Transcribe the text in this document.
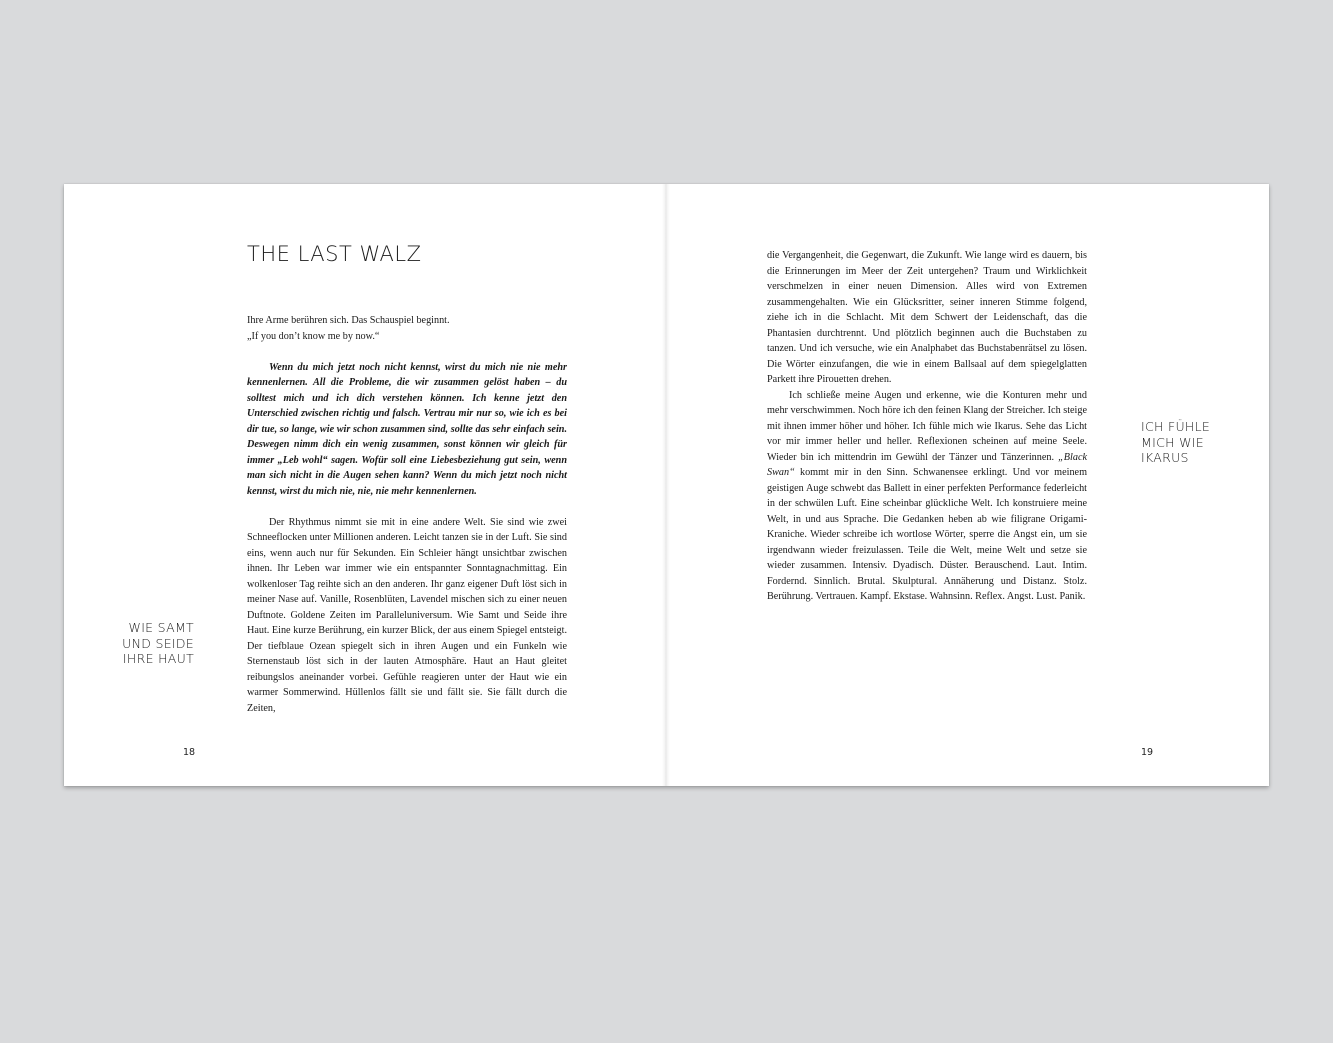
THE LAST WALZ

Ihre Arme berühren sich. Das Schauspiel beginnt.
„If you don’t know me by now.“

Wenn du mich jetzt noch nicht kennst, wirst du mich nie nie mehr kennenlernen. All die Probleme, die wir zusammen gelöst haben – du solltest mich und ich dich verstehen können. Ich kenne jetzt den Unterschied zwischen richtig und falsch. Vertrau mir nur so, wie ich es bei dir tue, so lange, wie wir schon zusammen sind, sollte das sehr einfach sein. Deswegen nimm dich ein wenig zusammen, sonst können wir gleich für immer „Leb wohl“ sagen. Wofür soll eine Liebesbeziehung gut sein, wenn man sich nicht in die Augen sehen kann? Wenn du mich jetzt noch nicht kennst, wirst du mich nie, nie, nie mehr kennenlernen.

Der Rhythmus nimmt sie mit in eine andere Welt. Sie sind wie zwei Schneeflocken unter Millionen anderen. Leicht tanzen sie in der Luft. Sie sind eins, wenn auch nur für Sekunden. Ein Schleier hängt unsichtbar zwischen ihnen. Ihr Leben war immer wie ein entspannter Sonntagnachmittag. Ein wolkenloser Tag reihte sich an den anderen. Ihr ganz eigener Duft löst sich in meiner Nase auf. Vanille, Rosenblüten, Lavendel mischen sich zu einer neuen Duftnote. Goldene Zeiten im Paralleluniversum. Wie Samt und Seide ihre Haut. Eine kurze Berührung, ein kurzer Blick, der aus einem Spiegel entsteigt. Der tiefblaue Ozean spiegelt sich in ihren Augen und ein Funkeln wie Sternenstaub löst sich in der lauten Atmosphäre. Haut an Haut gleitet reibungslos aneinander vorbei. Gefühle reagieren unter der Haut wie ein warmer Sommerwind. Hüllenlos fällt sie und fällt sie. Sie fällt durch die Zeiten,

WIE SAMT
UND SEIDE
IHRE HAUT
18

die Vergangenheit, die Gegenwart, die Zukunft. Wie lange wird es dauern, bis die Erinnerungen im Meer der Zeit untergehen? Traum und Wirklichkeit verschmelzen in einer neuen Dimension. Alles wird von Extremen zusammengehalten. Wie ein Glücksritter, seiner inneren Stimme folgend, ziehe ich in die Schlacht. Mit dem Schwert der Leidenschaft, das die Phantasien durchtrennt. Und plötzlich beginnen auch die Buchstaben zu tanzen. Und ich versuche, wie ein Analphabet das Buchstabenrätsel zu lösen. Die Wörter einzufangen, die wie in einem Ballsaal auf dem spiegelglatten Parkett ihre Pirouetten drehen.

Ich schließe meine Augen und erkenne, wie die Konturen mehr und mehr verschwimmen. Noch höre ich den feinen Klang der Streicher. Ich steige mit ihnen immer höher und höher. Ich fühle mich wie Ikarus. Sehe das Licht vor mir immer heller und heller. Reflexionen scheinen auf meine Seele. Wieder bin ich mittendrin im Gewühl der Tänzer und Tänzerinnen. „Black Swan“ kommt mir in den Sinn. Schwanensee erklingt. Und vor meinem geistigen Auge schwebt das Ballett in einer perfekten Performance federleicht in der schwülen Luft. Eine scheinbar glückliche Welt. Ich konstruiere meine Welt, in und aus Sprache. Die Gedanken heben ab wie filigrane Origami-Kraniche. Wieder schreibe ich wortlose Wörter, sperre die Angst ein, um sie irgendwann wieder freizulassen. Teile die Welt, meine Welt und setze sie wieder zusammen. Intensiv. Dyadisch. Düster. Berauschend. Laut. Intim. Fordernd. Sinnlich. Brutal. Skulptural. Annäherung und Distanz. Stolz. Berührung. Vertrauen. Kampf. Ekstase. Wahnsinn. Reflex. Angst. Lust. Panik.

ICH FÜHLE
MICH WIE
IKARUS
19
